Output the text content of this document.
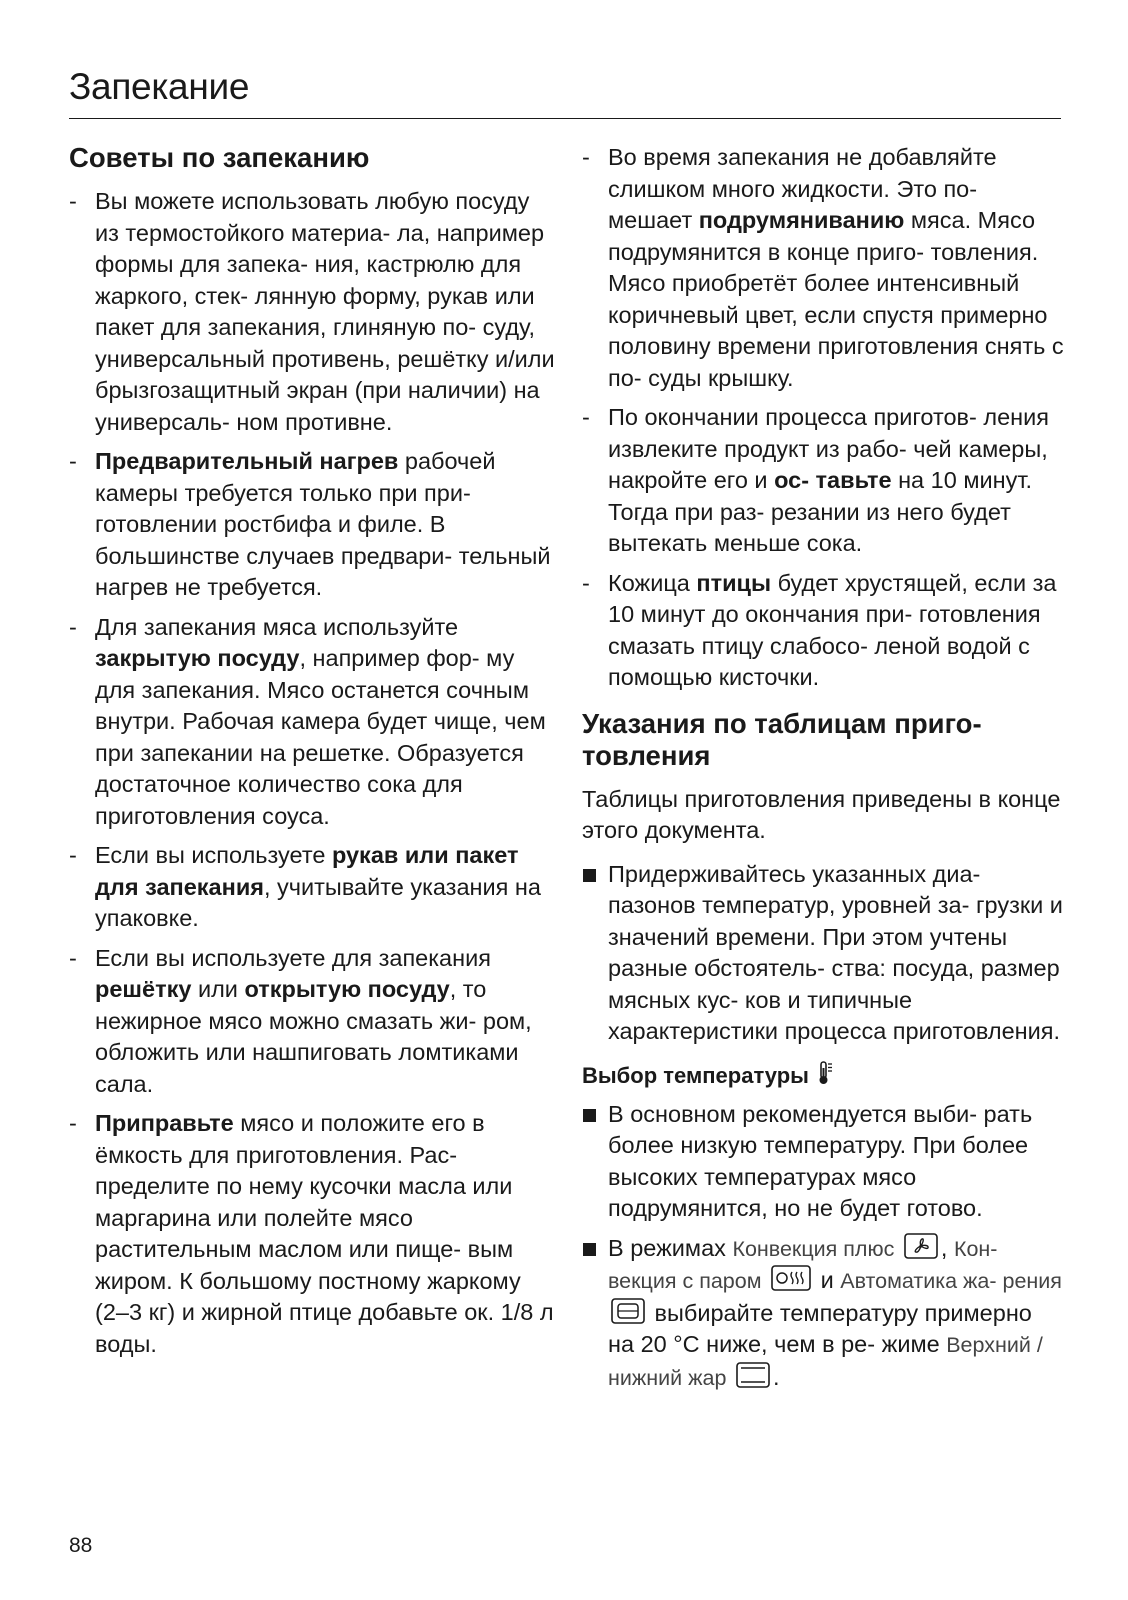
Запекание
Советы по запеканию
- Вы можете использовать любую посуду из термостойкого материа- ла, например формы для запека- ния, кастрюлю для жаркого, стек- лянную форму, рукав или пакет для запекания, глиняную по- суду, универсальный противень, решётку и/или брызгозащитный экран (при наличии) на универсаль- ном противне.
- Предварительный нагрев рабочей камеры требуется только при при- готовлении ростбифа и филе. В большинстве случаев предвари- тельный нагрев не требуется.
- Для запекания мяса используйте закрытую посуду, например фор- му для запекания. Мясо останется сочным внутри. Рабочая камера будет чище, чем при запекании на решетке. Образуется достаточное количество сока для приготовления соуса.
- Если вы используете рукав или пакет для запекания, учитывайте указания на упаковке.
- Если вы используете для запекания решётку или открытую посуду, то нежирное мясо можно смазать жи- ром, обложить или нашпиговать ломтиками сала.
- Приправьте мясо и положите его в ёмкость для приготовления. Рас- пределите по нему кусочки масла или маргарина или полейте мясо растительным маслом или пище- вым жиром. К большому постному жаркому (2–3 кг) и жирной птице добавьте ок. 1/8 л воды.
- Во время запекания не добавляйте слишком много жидкости. Это по- мешает подрумяниванию мяса. Мясо подрумянится в конце приго- товления. Мясо приобретёт более интенсивный коричневый цвет, если спустя примерно половину времени приготовления снять с по- суды крышку.
- По окончании процесса приготов- ления извлеките продукт из рабо- чей камеры, накройте его и ос- тавьте на 10 минут. Тогда при раз- резании из него будет вытекать меньше сока.
- Кожица птицы будет хрустящей, если за 10 минут до окончания при- готовления смазать птицу слабосо- леной водой с помощью кисточки.
Указания по таблицам приго- товления

Таблицы приготовления приведены в конце этого документа.

Придерживайтесь указанных диа- пазонов температур, уровней за- грузки и значений времени. При этом учтены разные обстоятель- ства: посуда, размер мясных кус- ков и типичные характеристики процесса приготовления.
Выбор температуры
В основном рекомендуется выби- рать более низкую температуру. При более высоких температурах мясо подрумянится, но не будет готово.
В режимах Конвекция плюс , Кон- векция с паром  и Автоматика жа- рения  выбирайте температуру примерно на 20 °C ниже, чем в ре- жиме Верхний / нижний жар .
88
